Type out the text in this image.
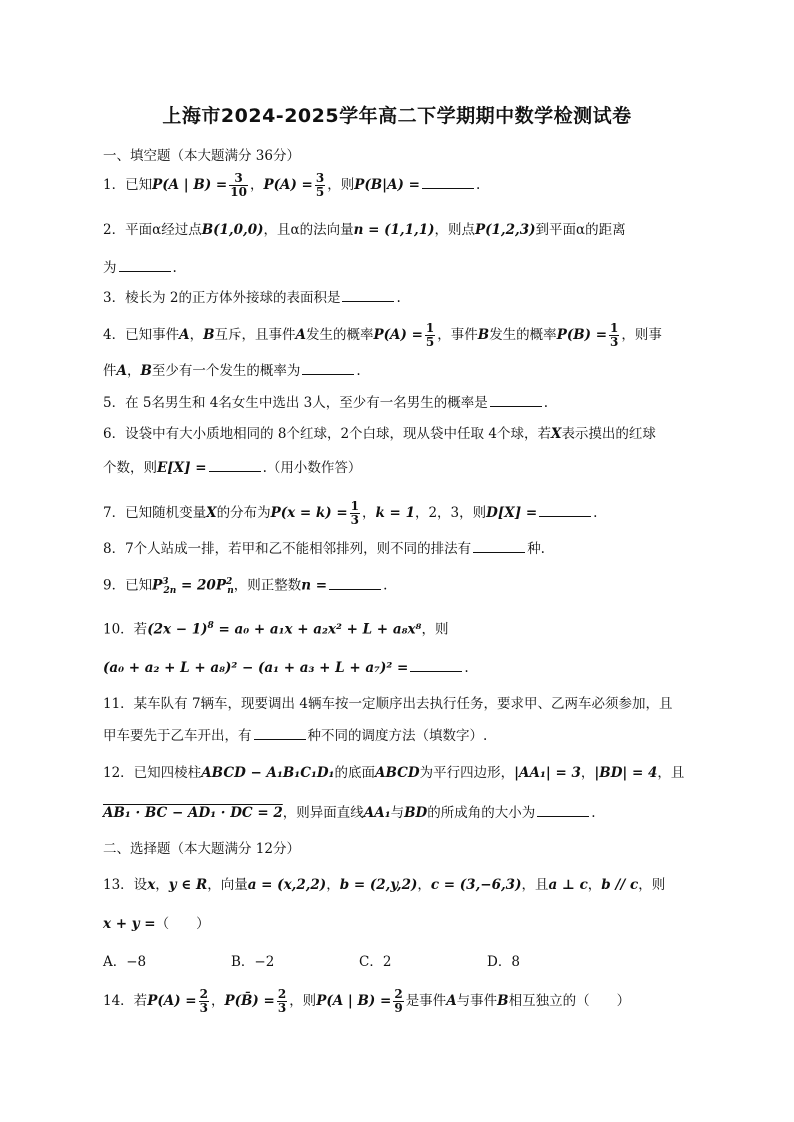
上海市2024-2025学年高二下学期期中数学检测试卷
一、填空题（本大题满分 36分）
1．已知P(A | $B) = \frac{3}{10}$ ，$P(A) = \frac{3}{5}$ ，则P(B|A) =	.
2．平面α经过点B(1,0,0)，且α的法向量n = (1,1,1)，则点P(1,2,3)到平面α的距离
为	.
3．棱长为 2的正方体外接球的表面积是	.
4．已知事件A，B互斥，且事件A发生的概率$P(A) = \frac{1}{5}$ ，事件B发生的概率$P(B) = \frac{1}{3}$ ，则事
件A，B至少有一个发生的概率为	.
5．在 5名男生和 4名女生中选出 3人，至少有一名男生的概率是	.
6．设袋中有大小质地相同的 8个红球，2个白球，现从袋中任取 4个球，若X表示摸出的红球
个数，则E[X] =	.（用小数作答）
7．已知随机变量X的分布为$P(x = k) = \frac{1}{3}$ ，k = 1，2，3，则D[X] =	.
8．7个人站成一排，若甲和乙不能相邻排列，则不同的排法有	种.
9．已知$P^3_{2n} = 20P^2_n$，则正整数n =	.
10．若$(2x - 1)^8 = a_0 + a_1x + a_2x^2 + L + a_8x^8$，则
(a₀ + a₂ + L + a₈)² − (a₁ + a₃ + L + a₇)² =	.
11．某车队有 7辆车，现要调出 4辆车按一定顺序出去执行任务，要求甲、乙两车必须参加，且
甲车要先于乙车开出，有	种不同的调度方法（填数字）.
12．已知四棱柱ABCD − A₁B₁C₁D₁的底面ABCD为平行四边形，|AA₁| = 3，|BD| = 4，且
AB₁ · BC − AD₁ · DC = 2，则异面直线AA₁与BD的所成角的大小为	.
二、选择题（本大题满分 12分）
13．设x，y ∈ R，向量a = (x,2,2)，b = (2,y,2)，c = (3,−6,3)，且a ⊥ c，b // c，则
x + y =（　　）
A．−8	B．−2	C．2	D．8
14．若$P(A) = \frac{2}{3}$ ，P(B̄) = $\frac{2}{3}$ ，则P(A | $B) = \frac{2}{9}$ 是事件A与事件B相互独立的（　　）
